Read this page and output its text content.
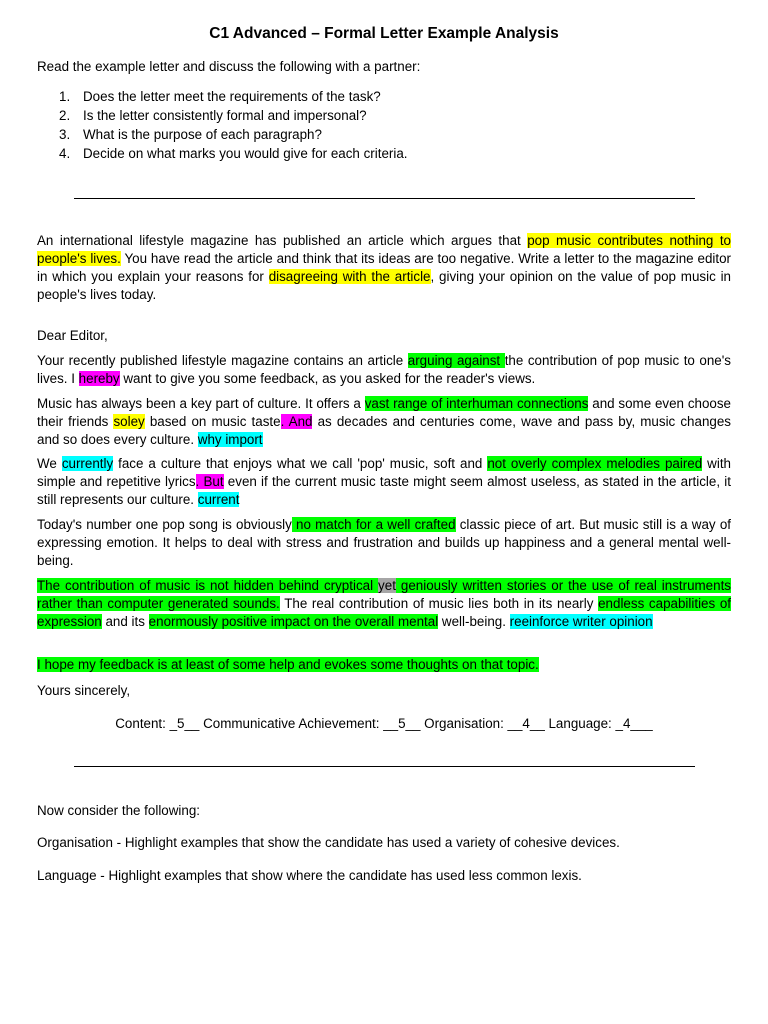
C1 Advanced – Formal Letter Example Analysis
Read the example letter and discuss the following with a partner:
1. Does the letter meet the requirements of the task?
2. Is the letter consistently formal and impersonal?
3. What is the purpose of each paragraph?
4. Decide on what marks you would give for each criteria.

An international lifestyle magazine has published an article which argues that pop music contributes nothing to people's lives. You have read the article and think that its ideas are too negative. Write a letter to the magazine editor in which you explain your reasons for disagreeing with the article, giving your opinion on the value of pop music in people's lives today.

Dear Editor,

Your recently published lifestyle magazine contains an article arguing against the contribution of pop music to one's lives. I hereby want to give you some feedback, as you asked for the reader's views.

Music has always been a key part of culture. It offers a vast range of interhuman connections and some even choose their friends soley based on music taste. And as decades and centuries come, wave and pass by, music changes and so does every culture. why import

We currently face a culture that enjoys what we call 'pop' music, soft and not overly complex melodies paired with simple and repetitive lyrics. But even if the current music taste might seem almost useless, as stated in the article, it still represents our culture. current

Today's number one pop song is obviously no match for a well crafted classic piece of art. But music still is a way of expressing emotion. It helps to deal with stress and frustration and builds up happiness and a general mental well-being.

The contribution of music is not hidden behind cryptical yet geniously written stories or the use of real instruments rather than computer generated sounds. The real contribution of music lies both in its nearly endless capabilities of expression and its enormously positive impact on the overall mental well-being. reeinforce writer opinion

I hope my feedback is at least of some help and evokes some thoughts on that topic.

Yours sincerely,
Content: _5__ Communicative Achievement: __5__ Organisation: __4__ Language: _4___
Now consider the following:
Organisation - Highlight examples that show the candidate has used a variety of cohesive devices.
Language - Highlight examples that show where the candidate has used less common lexis.
